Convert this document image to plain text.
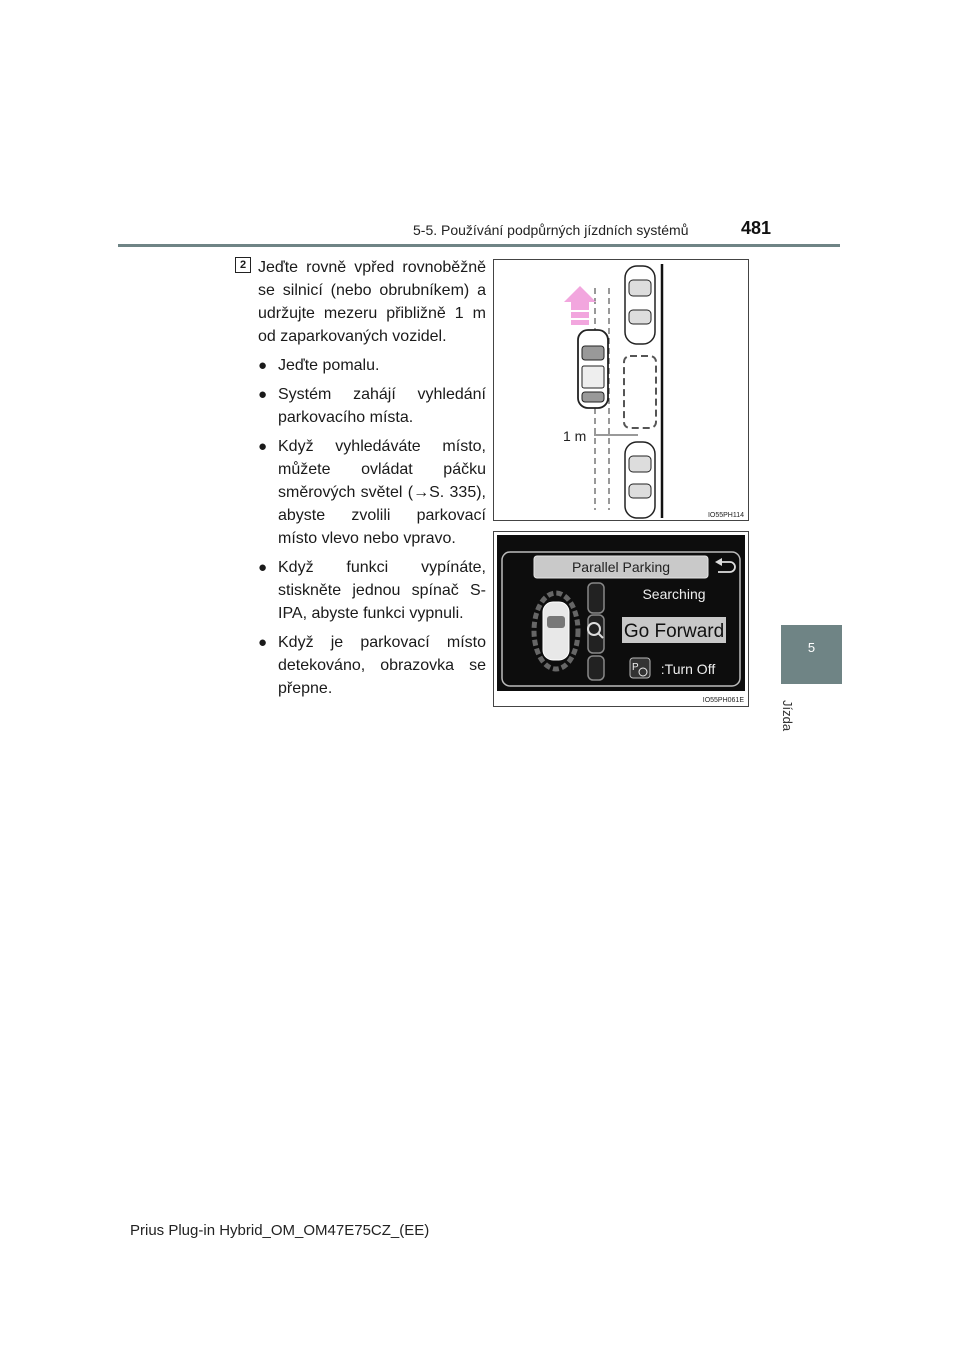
5-5. Používání podpůrných jízdních systémů	481
5
Jízda
2 Jeďte rovně vpřed rovnoběžně se silnicí (nebo obrubníkem) a udržujte mezeru přibližně 1 m od zaparkovaných vozidel.

● Jeďte pomalu.
● Systém zahájí vyhledání parkovacího místa.
● Když vyhledáváte místo, můžete ovládat páčku směrových světel (→S. 335), abyste zvolili parkovací místo vlevo nebo vpravo.
● Když funkci vypínáte, stiskněte jednou spínač S-IPA, abyste funkci vypnuli.
● Když je parkovací místo detekováno, obrazovka se přepne.
1 m
IO55PH114
Parallel Parking
Searching
Go Forward
P :Turn Off
IO55PH061E
Prius Plug-in Hybrid_OM_OM47E75CZ_(EE)
